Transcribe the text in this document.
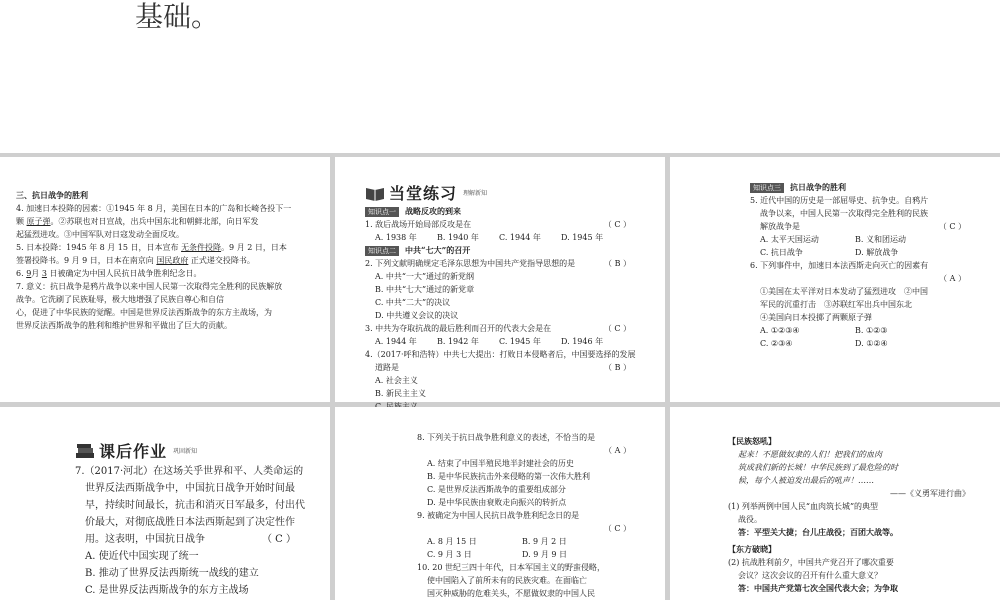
基础。
三、抗日战争的胜利
4. 加速日本投降的因素：①1945 年 8 月，美国在日本的广岛和长崎各投下一
颗 原子弹。②苏联也对日宣战，出兵中国东北和朝鲜北部，向日军发
起猛烈进攻。③中国军队对日寇发动全面反攻。
5. 日本投降：1945 年 8 月 15 日，日本宣布 无条件投降。9 月 2 日，日本
签署投降书。9 月 9 日，日本在南京向 国民政府 正式递交投降书。
6. 9月 3 日被确定为中国人民抗日战争胜利纪念日。
7. 意义：抗日战争是鸦片战争以来中国人民第一次取得完全胜利的民族解放
战争。它洗刷了民族耻辱，极大地增强了民族自尊心和自信
心，促进了中华民族的觉醒。中国是世界反法西斯战争的东方主战场，为
世界反法西斯战争的胜利和维护世界和平做出了巨大的贡献。
当堂练习 理解新知
知识点一 战略反攻的到来
1. 敌后战场开始局部反攻是在	（ C ）
A. 1938 年	B. 1940 年	C. 1944 年	D. 1945 年
知识点二 中共“七大”的召开
2. 下列文献明确规定毛泽东思想为中国共产党指导思想的是	（ B ）
A. 中共“一大”通过的新党纲
B. 中共“七大”通过的新党章
C. 中共“二大”的决议
D. 中共遵义会议的决议
3. 中共为夺取抗战的最后胜利而召开的代表大会是在	（ C ）
A. 1944 年	B. 1942 年	C. 1945 年	D. 1946 年
4.（2017·呼和浩特）中共七大提出：打败日本侵略者后，中国要选择的发展
道路是	（ B ）
A. 社会主义
B. 新民主主义
知识点三 抗日战争的胜利
5. 近代中国的历史是一部屈辱史、抗争史。自鸦片
战争以来，中国人民第一次取得完全胜利的民族
解放战争是	（ C ）
A. 太平天国运动	B. 义和团运动
C. 抗日战争	D. 解放战争
6. 下列事件中，加速日本法西斯走向灭亡的因素有
（ A ）

①美国在太平洋对日本发动了猛烈进攻　②中国
军民的沉重打击　③苏联红军出兵中国东北
④美国向日本投掷了两颗原子弹
A. ①②③④	B. ①②③
C. ②③④	D. ①②④
课后作业 巩固新知
7.（2017·河北）在这场关乎世界和平、人类命运的
世界反法西斯战争中，中国抗日战争开始时间最
早，持续时间最长，抗击和消灭日军最多，付出代
价最大，对彻底战胜日本法西斯起到了决定性作
用。这表明，中国抗日战争	（ C ）
A. 使近代中国实现了统一
B. 推动了世界反法西斯统一战线的建立
C. 是世界反法西斯战争的东方主战场
8. 下列关于抗日战争胜利意义的表述，不恰当的是
（ A ）

A. 结束了中国半殖民地半封建社会的历史
B. 是中华民族抗击外来侵略的第一次伟大胜利
C. 是世界反法西斯战争的重要组成部分
D. 是中华民族由衰败走向振兴的转折点
9. 被确定为中国人民抗日战争胜利纪念日的是
（ C ）

A. 8 月 15 日	B. 9 月 2 日
C. 9 月 3 日	D. 9 月 9 日
10. 20 世纪三四十年代，日本军国主义的野蛮侵略，
使中国陷入了前所未有的民族灾难。在面临亡
国灭种威胁的危难关头，不愿做奴隶的中国人民
【民族怒吼】
起来！不愿做奴隶的人们！把我们的血肉
筑成我们新的长城！中华民族到了最危险的时
候，每个人被迫发出最后的吼声！……
——《义勇军进行曲》
(1) 列举两例中国人民“血肉筑长城”的典型
战役。
答：平型关大捷；台儿庄战役；百团大战等。
【东方破晓】
(2) 抗战胜利前夕，中国共产党召开了哪次重要
会议？这次会议的召开有什么重大意义？
答：中国共产党第七次全国代表大会；为争取
